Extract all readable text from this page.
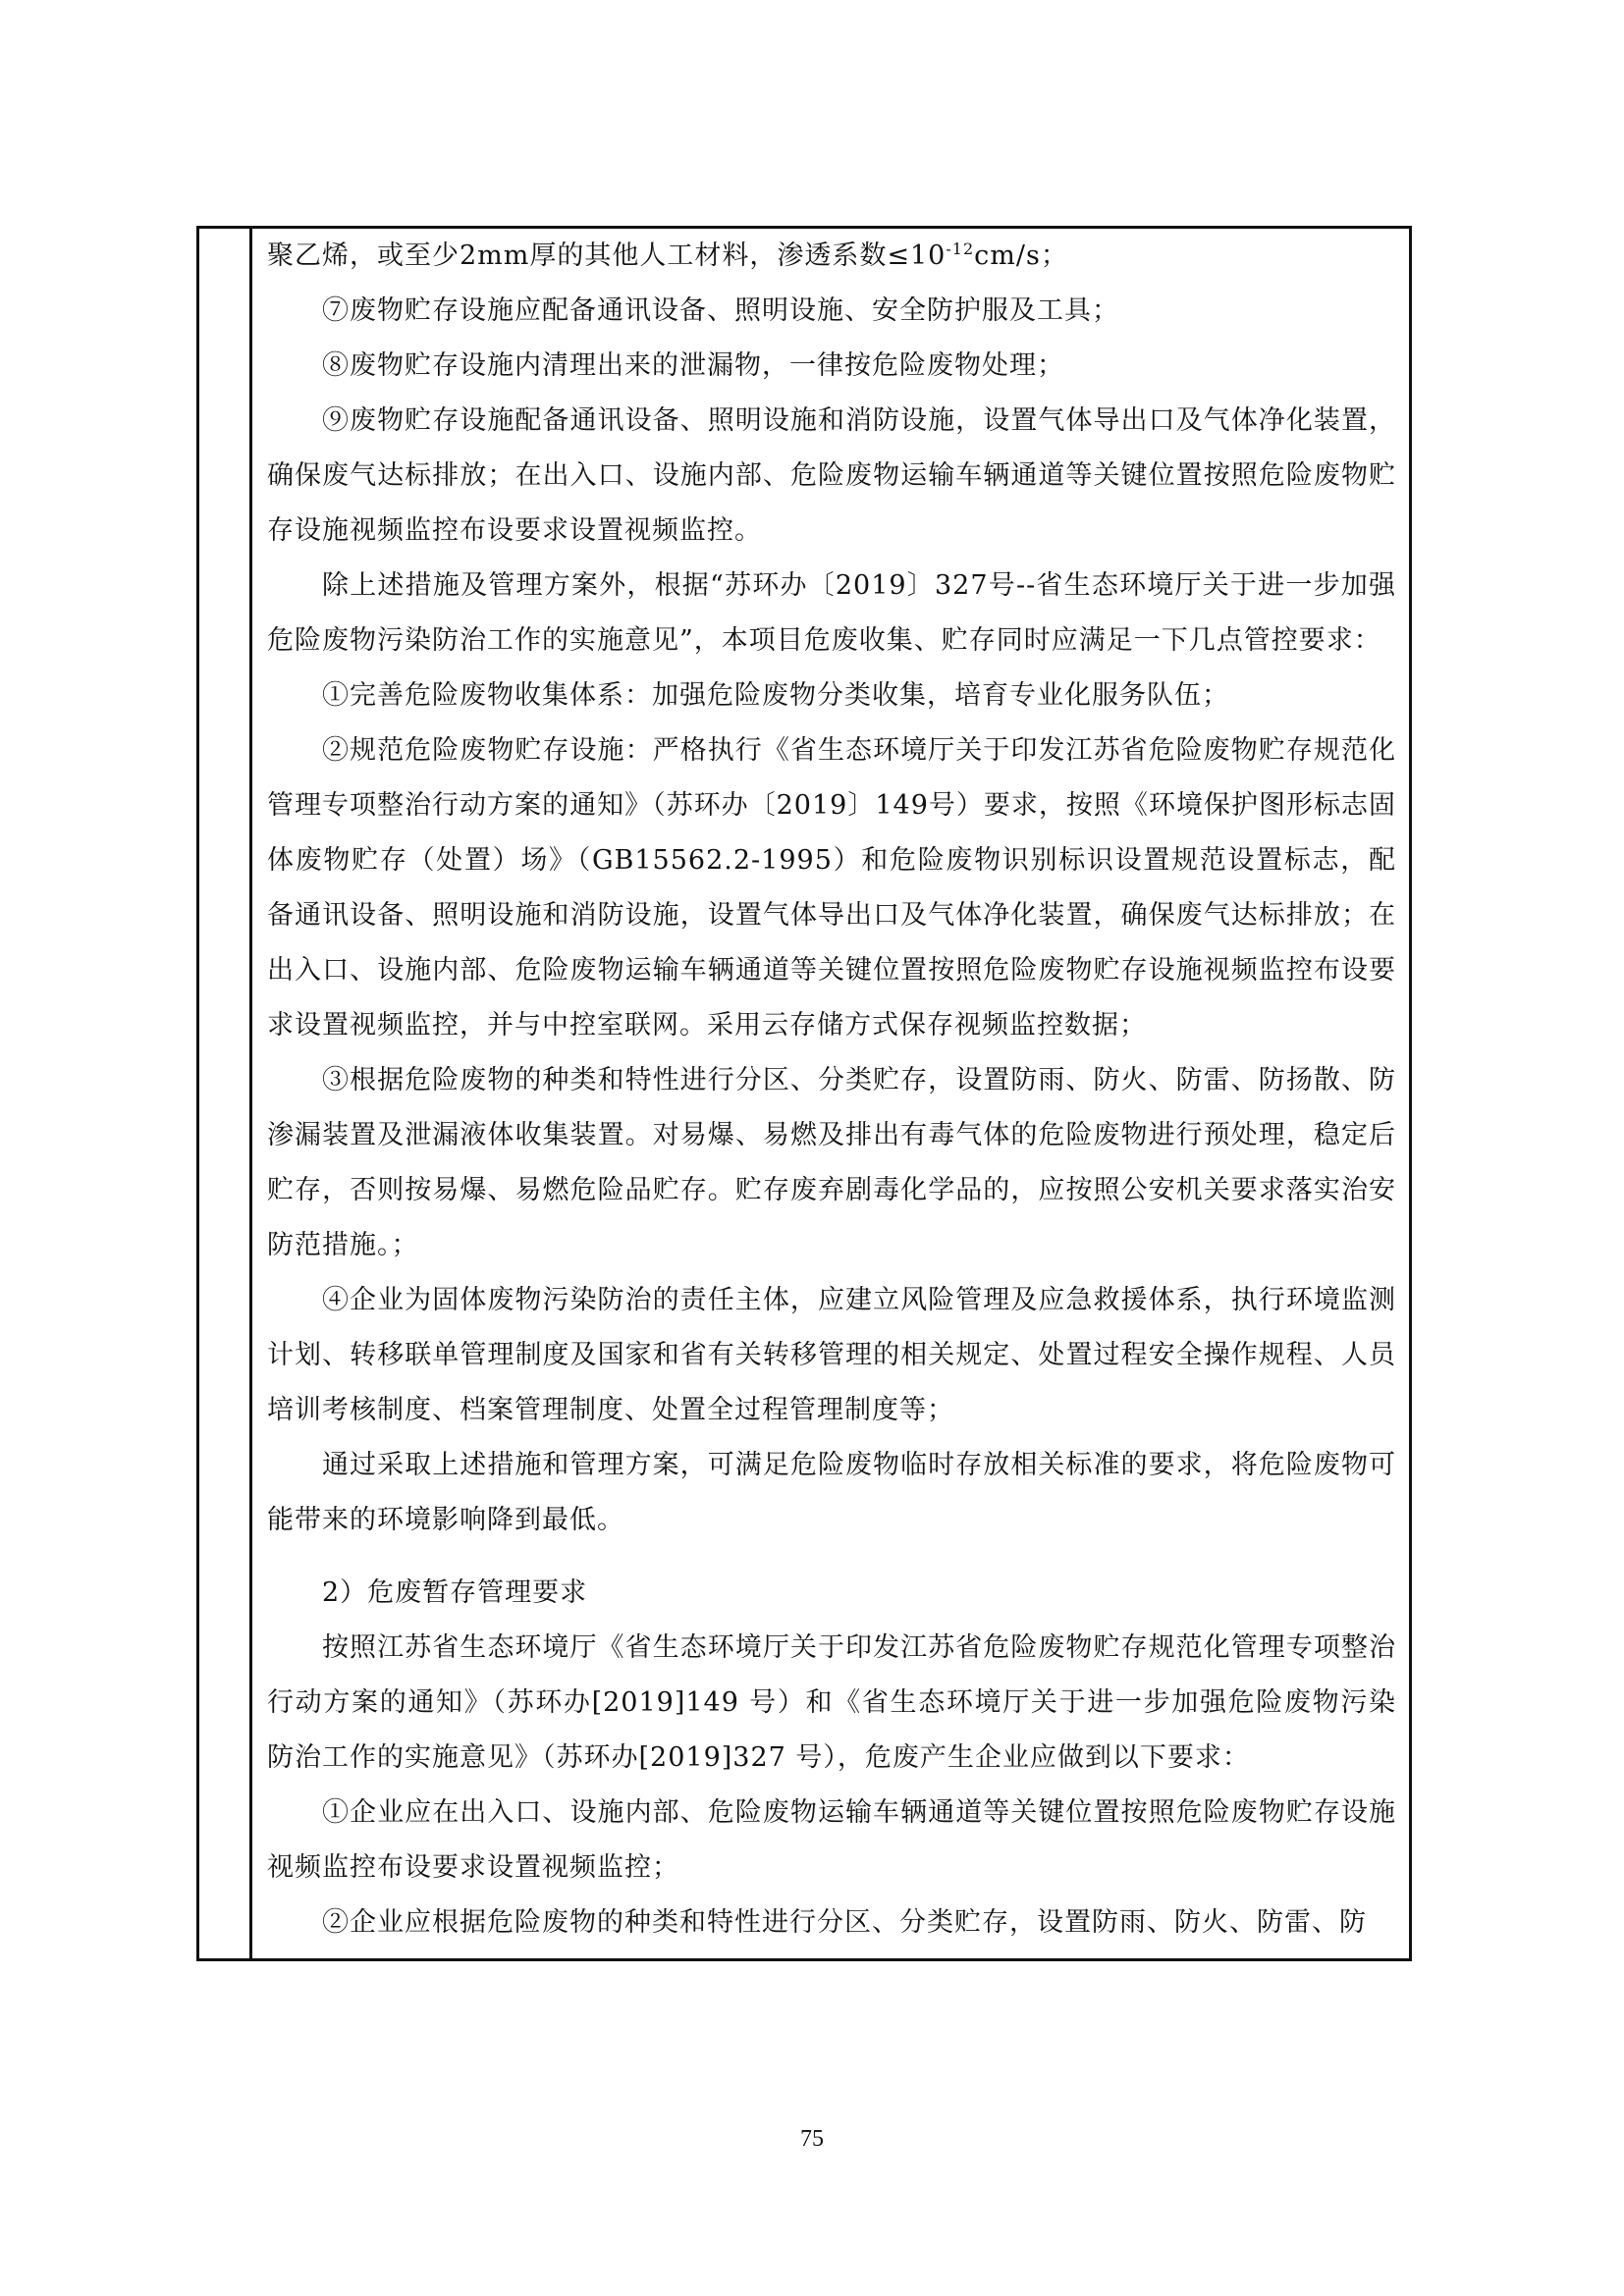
聚乙烯，或至少2mm厚的其他人工材料，渗透系数$\le 10^{-12}cm/s$；

⑦废物贮存设施应配备通讯设备、照明设施、安全防护服及工具；

⑧废物贮存设施内清理出来的泄漏物，一律按危险废物处理；

⑨废物贮存设施配备通讯设备、照明设施和消防设施，设置气体导出口及气体净化装置，确保废气达标排放；在出入口、设施内部、危险废物运输车辆通道等关键位置按照危险废物贮存设施视频监控布设要求设置视频监控。

除上述措施及管理方案外，根据“苏环办〔2019〕327号--省生态环境厅关于进一步加强危险废物污染防治工作的实施意见”，本项目危废收集、贮存同时应满足一下几点管控要求：

①完善危险废物收集体系：加强危险废物分类收集，培育专业化服务队伍；

②规范危险废物贮存设施：严格执行《省生态环境厅关于印发江苏省危险废物贮存规范化管理专项整治行动方案的通知》（苏环办〔2019〕149号）要求，按照《环境保护图形标志固体废物贮存（处置）场》（GB15562.2-1995）和危险废物识别标识设置规范设置标志，配备通讯设备、照明设施和消防设施，设置气体导出口及气体净化装置，确保废气达标排放；在出入口、设施内部、危险废物运输车辆通道等关键位置按照危险废物贮存设施视频监控布设要求设置视频监控，并与中控室联网。采用云存储方式保存视频监控数据；

③根据危险废物的种类和特性进行分区、分类贮存，设置防雨、防火、防雷、防扬散、防渗漏装置及泄漏液体收集装置。对易爆、易燃及排出有毒气体的危险废物进行预处理，稳定后贮存，否则按易爆、易燃危险品贮存。贮存废弃剧毒化学品的，应按照公安机关要求落实治安防范措施。；

④企业为固体废物污染防治的责任主体，应建立风险管理及应急救援体系，执行环境监测计划、转移联单管理制度及国家和省有关转移管理的相关规定、处置过程安全操作规程、人员培训考核制度、档案管理制度、处置全过程管理制度等；

通过采取上述措施和管理方案，可满足危险废物临时存放相关标准的要求，将危险废物可能带来的环境影响降到最低。

2）危废暂存管理要求

按照江苏省生态环境厅《省生态环境厅关于印发江苏省危险废物贮存规范化管理专项整治行动方案的通知》（苏环办[2019]149 号）和《省生态环境厅关于进一步加强危险废物污染防治工作的实施意见》（苏环办[2019]327 号），危废产生企业应做到以下要求：

①企业应在出入口、设施内部、危险废物运输车辆通道等关键位置按照危险废物贮存设施视频监控布设要求设置视频监控；

②企业应根据危险废物的种类和特性进行分区、分类贮存，设置防雨、防火、防雷、防

75
